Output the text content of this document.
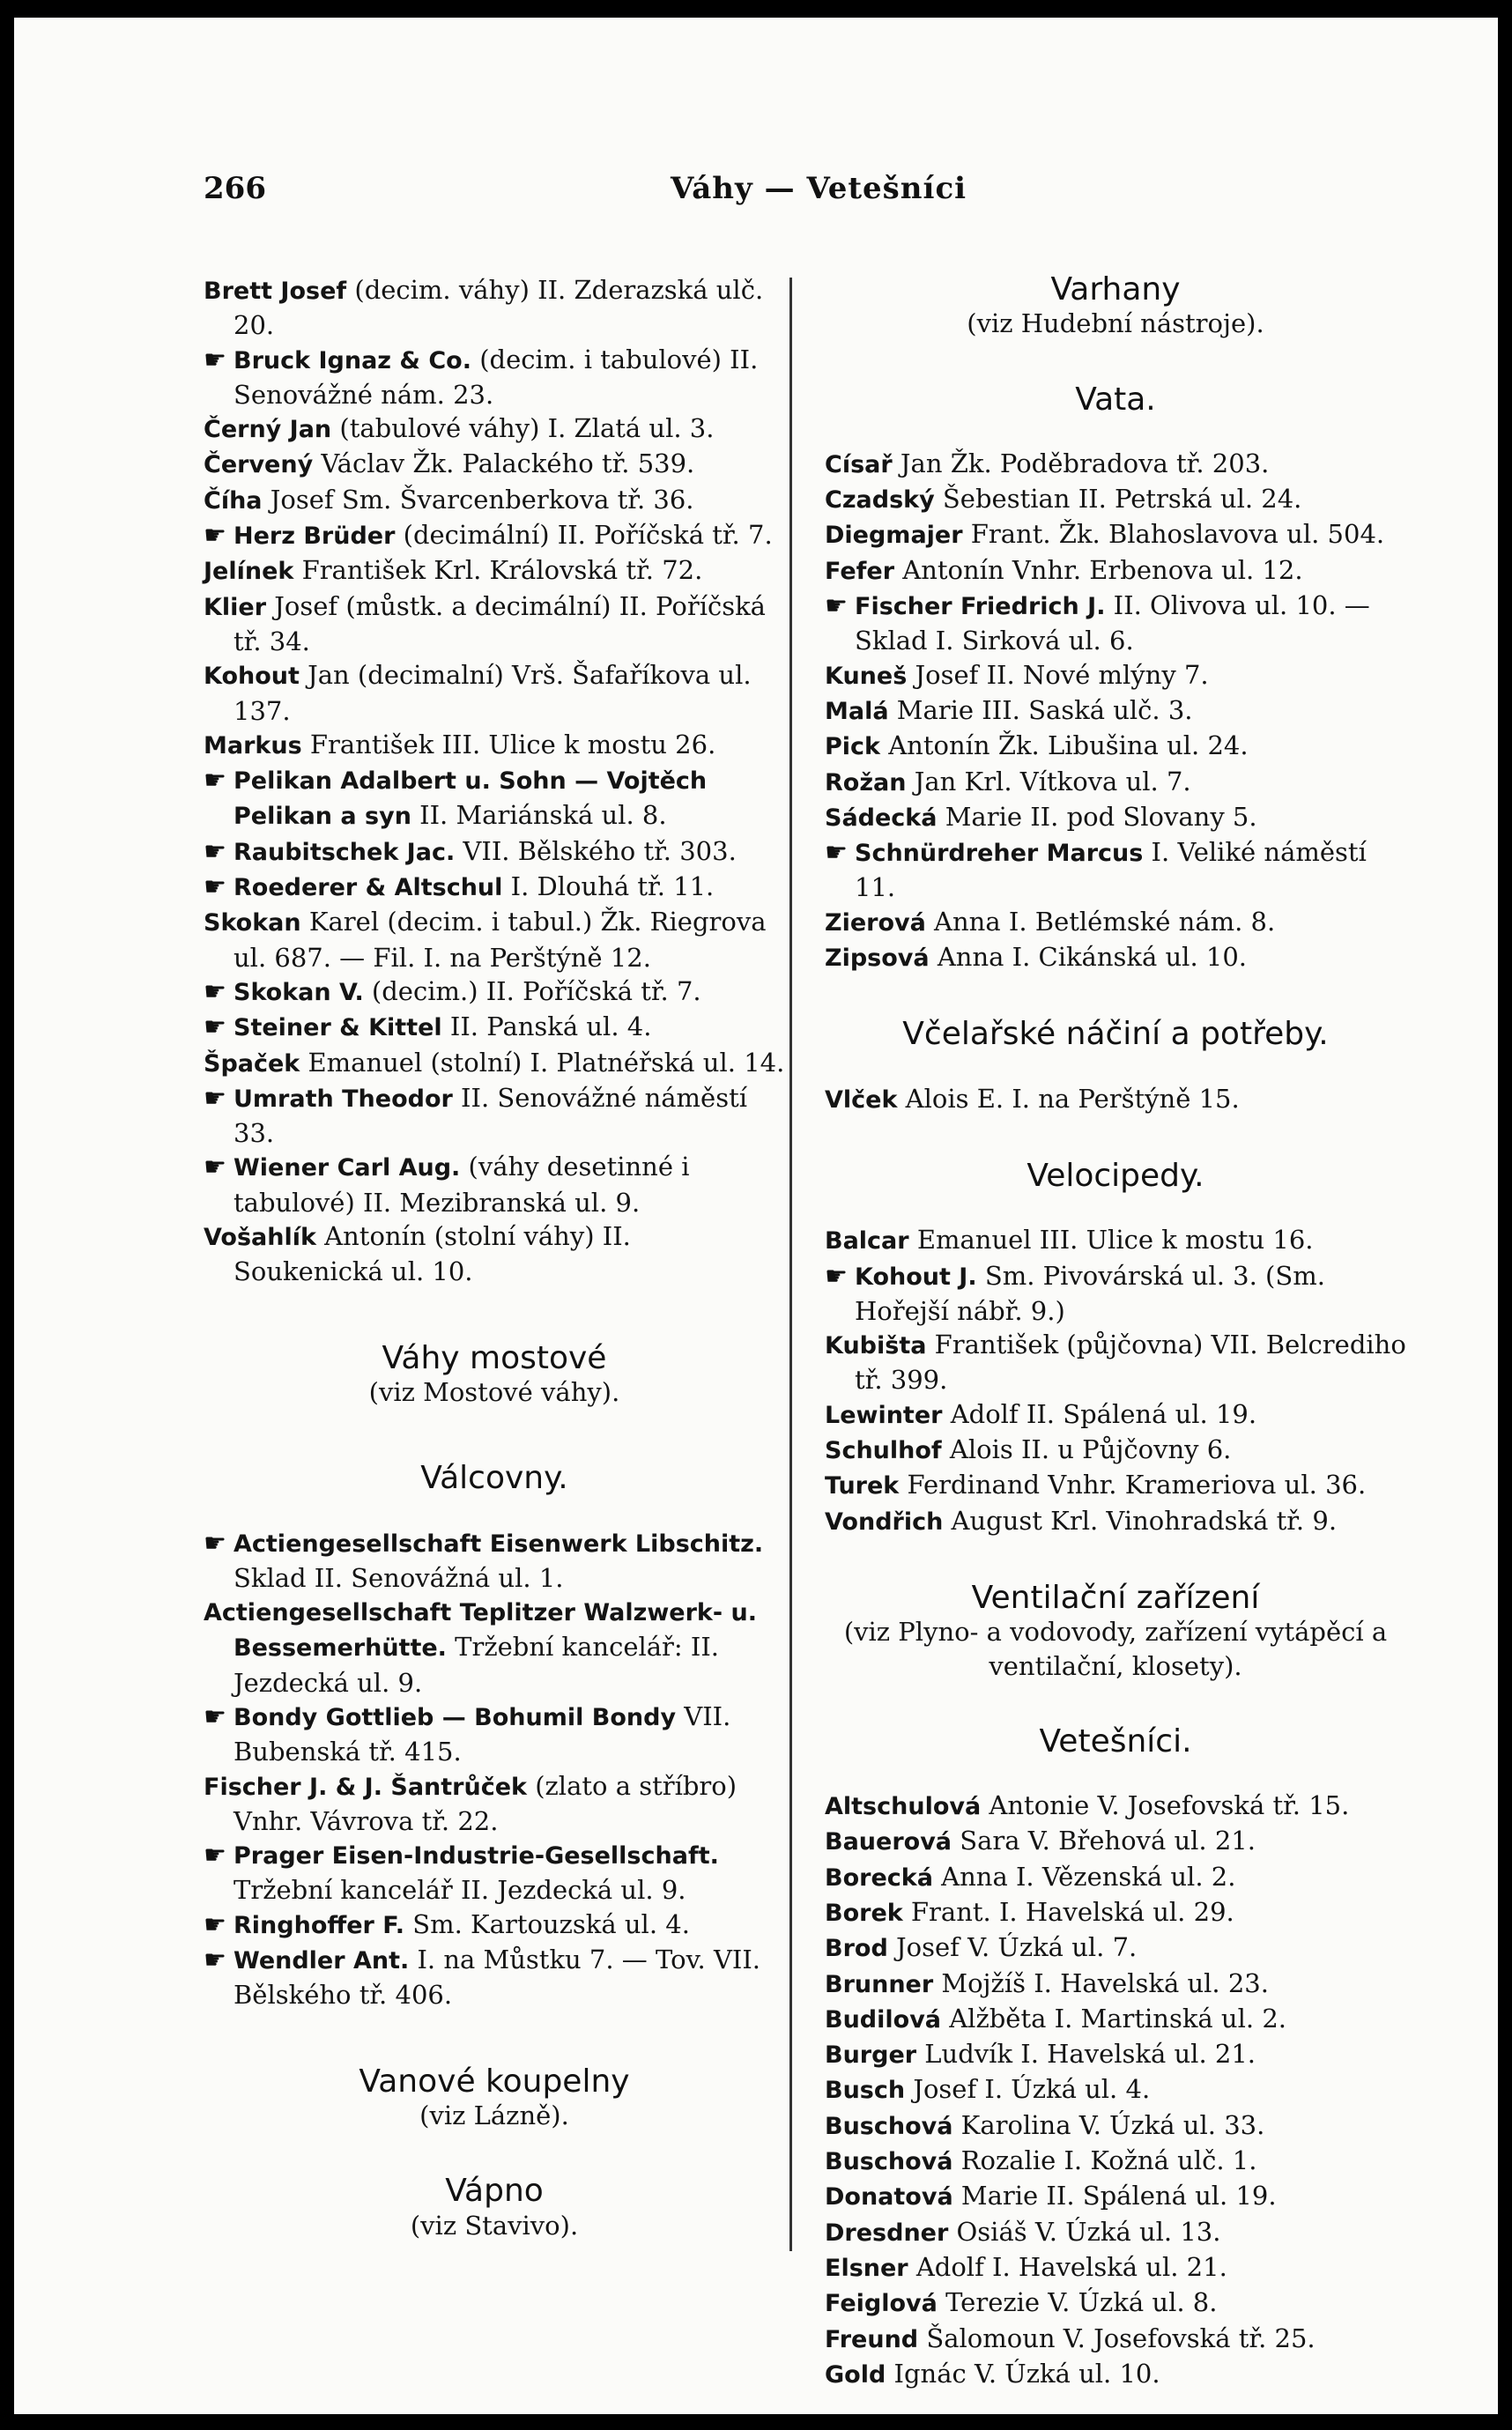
266	Váhy — Vetešníci

Brett Josef (decim. váhy) II. Zderazská ulč. 20.

☛ Bruck Ignaz & Co. (decim. i tabulové) II. Senovážné nám. 23.

Černý Jan (tabulové váhy) I. Zlatá ul. 3.

Červený Václav Žk. Palackého tř. 539.

Číha Josef Sm. Švarcenberkova tř. 36.

☛ Herz Brüder (decimální) II. Poříčská tř. 7.

Jelínek František Krl. Královská tř. 72.

Klier Josef (můstk. a decimální) II. Poříčská tř. 34.

Kohout Jan (decimalní) Vrš. Šafaříkova ul. 137.

Markus František III. Ulice k mostu 26.

☛ Pelikan Adalbert u. Sohn — Vojtěch Pelikan a syn II. Mariánská ul. 8.

☛ Raubitschek Jac. VII. Bělského tř. 303.

☛ Roederer & Altschul I. Dlouhá tř. 11.

Skokan Karel (decim. i tabul.) Žk. Riegrova ul. 687. — Fil. I. na Perštýně 12.

☛ Skokan V. (decim.) II. Poříčská tř. 7.

☛ Steiner & Kittel II. Panská ul. 4.

Špaček Emanuel (stolní) I. Platnéřská ul. 14.

☛ Umrath Theodor II. Senovážné náměstí 33.

☛ Wiener Carl Aug. (váhy desetinné i tabulové) II. Mezibranská ul. 9.

Vošahlík Antonín (stolní váhy) II. Soukenická ul. 10.

Váhy mostové

(viz Mostové váhy).

Válcovny.

☛ Actiengesellschaft Eisenwerk Libschitz. Sklad II. Senovážná ul. 1.

Actiengesellschaft Teplitzer Walzwerk- u. Bessemerhütte. Tržební kancelář: II. Jezdecká ul. 9.

☛ Bondy Gottlieb — Bohumil Bondy VII. Bubenská tř. 415.

Fischer J. & J. Šantrůček (zlato a stříbro) Vnhr. Vávrova tř. 22.

☛ Prager Eisen-Industrie-Gesellschaft. Tržební kancelář II. Jezdecká ul. 9.

☛ Ringhoffer F. Sm. Kartouzská ul. 4.

☛ Wendler Ant. I. na Můstku 7. — Tov. VII. Bělského tř. 406.

Vanové koupelny

(viz Lázně).

Vápno

(viz Stavivo).

Varhany

(viz Hudební nástroje).

Vata.

Císař Jan Žk. Poděbradova tř. 203.

Czadský Šebestian II. Petrská ul. 24.

Diegmajer Frant. Žk. Blahoslavova ul. 504.

Fefer Antonín Vnhr. Erbenova ul. 12.

☛ Fischer Friedrich J. II. Olivova ul. 10. — Sklad I. Sirková ul. 6.

Kuneš Josef II. Nové mlýny 7.

Malá Marie III. Saská ulč. 3.

Pick Antonín Žk. Libušina ul. 24.

Rožan Jan Krl. Vítkova ul. 7.

Sádecká Marie II. pod Slovany 5.

☛ Schnürdreher Marcus I. Veliké náměstí 11.

Zierová Anna I. Betlémské nám. 8.

Zipsová Anna I. Cikánská ul. 10.

Včelařské náčiní a potřeby.

Vlček Alois E. I. na Perštýně 15.

Velocipedy.

Balcar Emanuel III. Ulice k mostu 16.

☛ Kohout J. Sm. Pivovárská ul. 3. (Sm. Hořejší nábř. 9.)

Kubišta František (půjčovna) VII. Belcrediho tř. 399.

Lewinter Adolf II. Spálená ul. 19.

Schulhof Alois II. u Půjčovny 6.

Turek Ferdinand Vnhr. Krameriova ul. 36.

Vondřich August Krl. Vinohradská tř. 9.

Ventilační zařízení

(viz Plyno- a vodovody, zařízení vytápěcí a ventilační, klosety).

Vetešníci.

Altschulová Antonie V. Josefovská tř. 15.

Bauerová Sara V. Břehová ul. 21.

Borecká Anna I. Vězenská ul. 2.

Borek Frant. I. Havelská ul. 29.

Brod Josef V. Úzká ul. 7.

Brunner Mojžíš I. Havelská ul. 23.

Budilová Alžběta I. Martinská ul. 2.

Burger Ludvík I. Havelská ul. 21.

Busch Josef I. Úzká ul. 4.

Buschová Karolina V. Úzká ul. 33.

Buschová Rozalie I. Kožná ulč. 1.

Donatová Marie II. Spálená ul. 19.

Dresdner Osiáš V. Úzká ul. 13.

Elsner Adolf I. Havelská ul. 21.

Feiglová Terezie V. Úzká ul. 8.

Freund Šalomoun V. Josefovská tř. 25.

Gold Ignác V. Úzká ul. 10.
